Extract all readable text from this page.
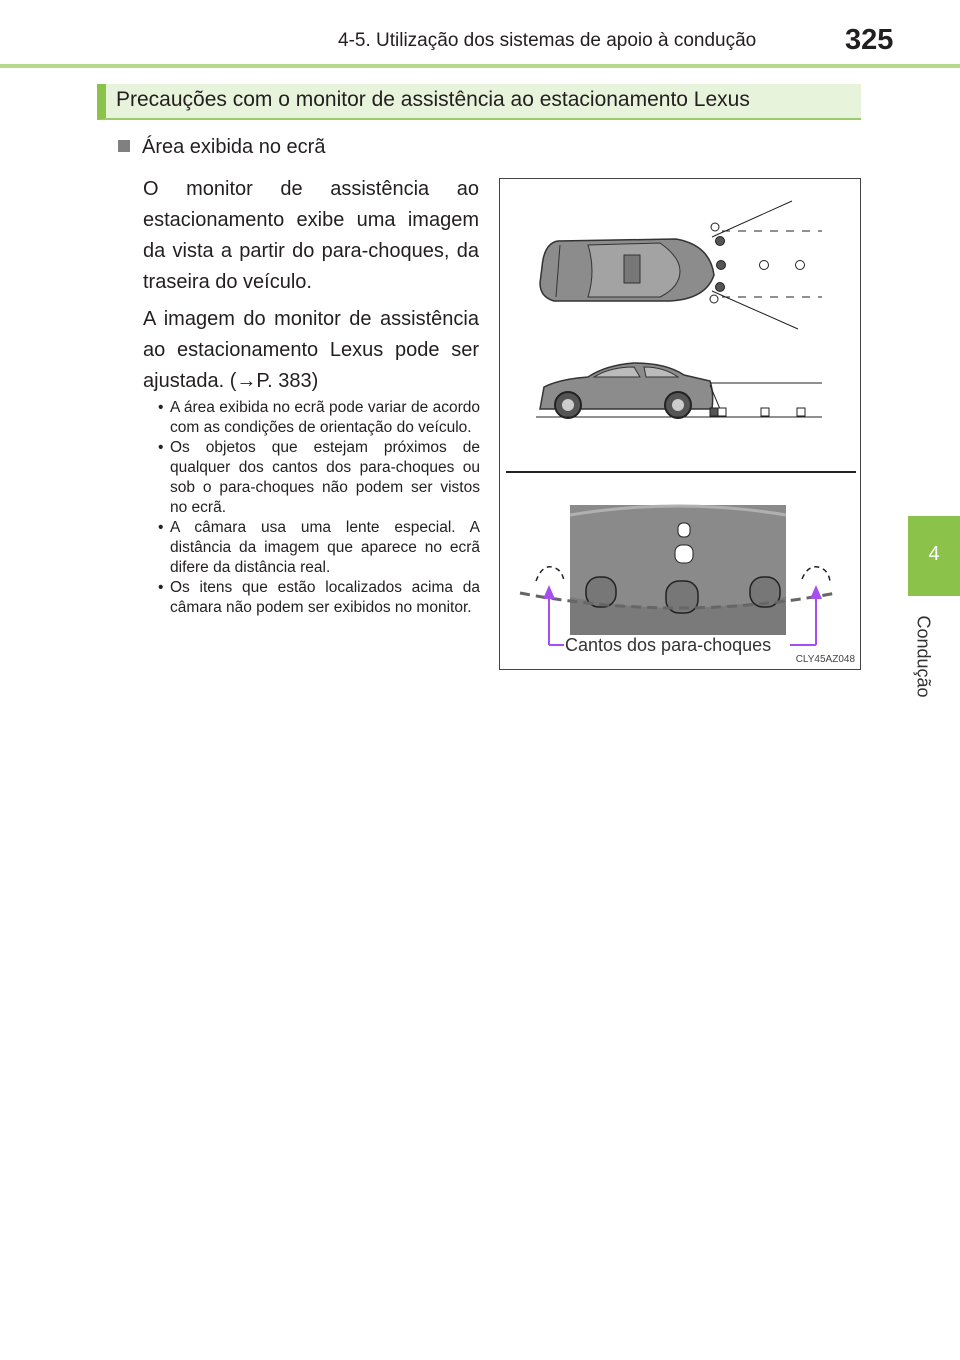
4-5. Utilização dos sistemas de apoio à condução	325
4
Condução
Precauções com o monitor de assistência ao estacionamento Lexus
Área exibida no ecrã
O monitor de assistência ao estacionamento exibe uma imagem da vista a partir do para-choques, da traseira do veículo.
A imagem do monitor de assistência ao estacionamento Lexus pode ser ajustada. (→P. 383)
• A área exibida no ecrã pode variar de acordo com as condições de orientação do veículo.
• Os objetos que estejam próximos de qualquer dos cantos dos para-choques ou sob o para-choques não podem ser vistos no ecrã.
• A câmara usa uma lente especial. A distância da imagem que aparece no ecrã difere da distância real.
• Os itens que estão localizados acima da câmara não podem ser exibidos no monitor.
Cantos dos para-choques
CLY45AZ048
